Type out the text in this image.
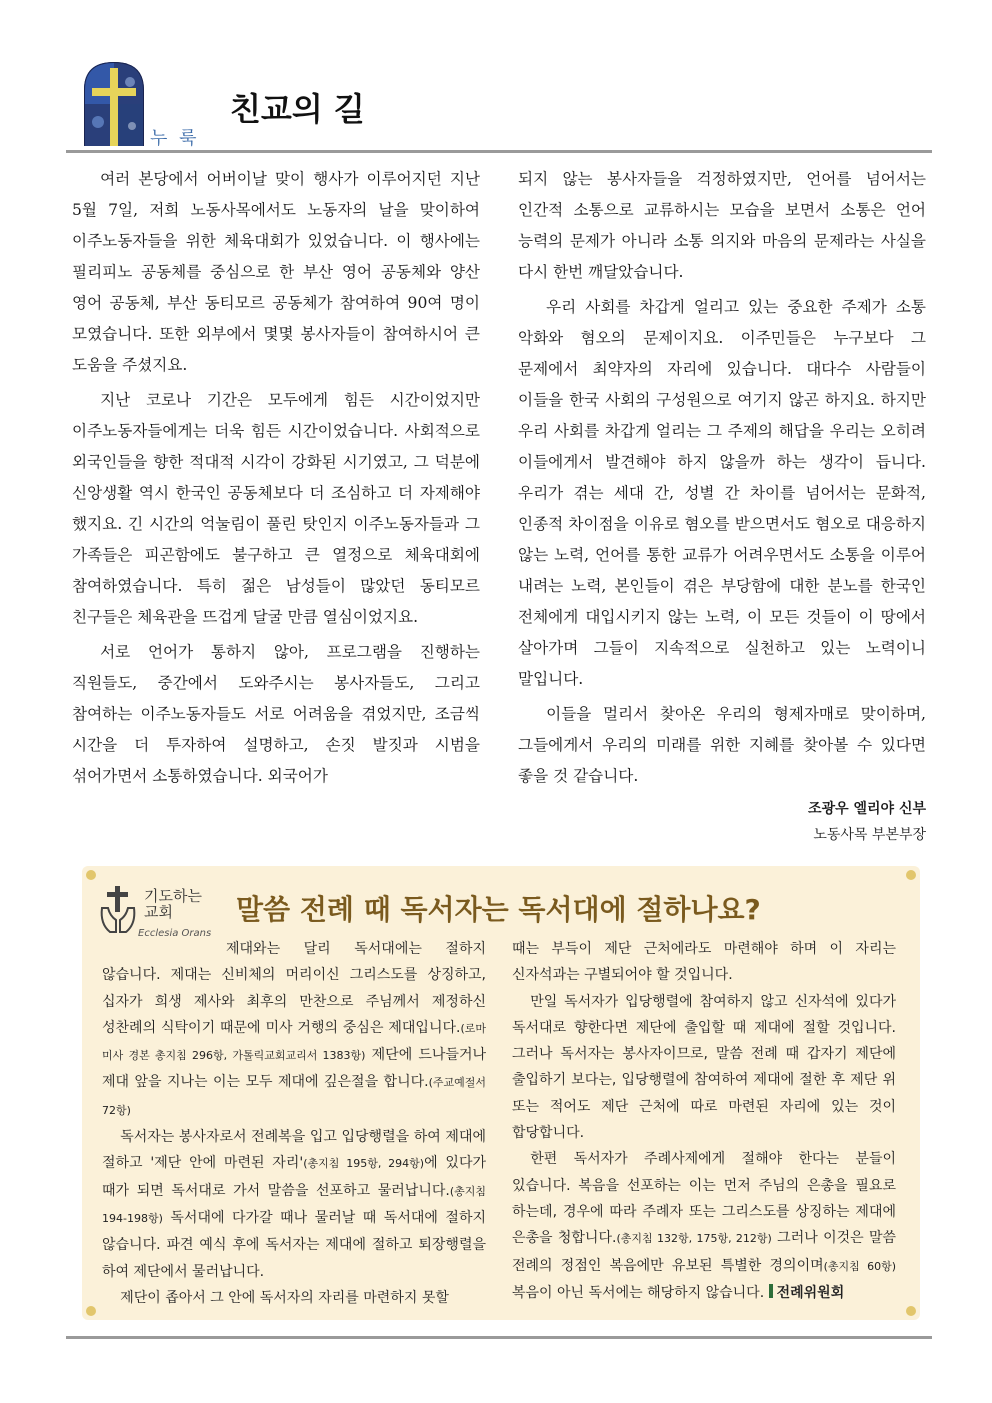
누 룩
친교의 길

여러 본당에서 어버이날 맞이 행사가 이루어지던 지난 5월 7일, 저희 노동사목에서도 노동자의 날을 맞이하여 이주노동자들을 위한 체육대회가 있었습니다. 이 행사에는 필리피노 공동체를 중심으로 한 부산 영어 공동체와 양산 영어 공동체, 부산 동티모르 공동체가 참여하여 90여 명이 모였습니다. 또한 외부에서 몇몇 봉사자들이 참여하시어 큰 도움을 주셨지요.

지난 코로나 기간은 모두에게 힘든 시간이었지만 이주노동자들에게는 더욱 힘든 시간이었습니다. 사회적으로 외국인들을 향한 적대적 시각이 강화된 시기였고, 그 덕분에 신앙생활 역시 한국인 공동체보다 더 조심하고 더 자제해야 했지요. 긴 시간의 억눌림이 풀린 탓인지 이주노동자들과 그 가족들은 피곤함에도 불구하고 큰 열정으로 체육대회에 참여하였습니다. 특히 젊은 남성들이 많았던 동티모르 친구들은 체육관을 뜨겁게 달굴 만큼 열심이었지요.

서로 언어가 통하지 않아, 프로그램을 진행하는 직원들도, 중간에서 도와주시는 봉사자들도, 그리고 참여하는 이주노동자들도 서로 어려움을 겪었지만, 조금씩 시간을 더 투자하여 설명하고, 손짓 발짓과 시범을 섞어가면서 소통하였습니다. 외국어가

되지 않는 봉사자들을 걱정하였지만, 언어를 넘어서는 인간적 소통으로 교류하시는 모습을 보면서 소통은 언어 능력의 문제가 아니라 소통 의지와 마음의 문제라는 사실을 다시 한번 깨달았습니다.

우리 사회를 차갑게 얼리고 있는 중요한 주제가 소통 악화와 혐오의 문제이지요. 이주민들은 누구보다 그 문제에서 최약자의 자리에 있습니다. 대다수 사람들이 이들을 한국 사회의 구성원으로 여기지 않곤 하지요. 하지만 우리 사회를 차갑게 얼리는 그 주제의 해답을 우리는 오히려 이들에게서 발견해야 하지 않을까 하는 생각이 듭니다. 우리가 겪는 세대 간, 성별 간 차이를 넘어서는 문화적, 인종적 차이점을 이유로 혐오를 받으면서도 혐오로 대응하지 않는 노력, 언어를 통한 교류가 어려우면서도 소통을 이루어 내려는 노력, 본인들이 겪은 부당함에 대한 분노를 한국인 전체에게 대입시키지 않는 노력, 이 모든 것들이 이 땅에서 살아가며 그들이 지속적으로 실천하고 있는 노력이니 말입니다.

이들을 멀리서 찾아온 우리의 형제자매로 맞이하며, 그들에게서 우리의 미래를 위한 지혜를 찾아볼 수 있다면 좋을 것 같습니다.

조광우 엘리야 신부
노동사목 부본부장
기도하는
교회
Ecclesia Orans
말씀 전례 때 독서자는 독서대에 절하나요?

제대와는 달리 독서대에는 절하지 않습니다. 제대는 신비체의 머리이신 그리스도를 상징하고, 십자가 희생 제사와 최후의 만찬으로 주님께서 제정하신 성찬례의 식탁이기 때문에 미사 거행의 중심은 제대입니다.(로마 미사 경본 총지침 296항, 가톨릭교회교리서 1383항) 제단에 드나들거나 제대 앞을 지나는 이는 모두 제대에 깊은절을 합니다.(주교예절서 72항)

독서자는 봉사자로서 전례복을 입고 입당행렬을 하여 제대에 절하고 '제단 안에 마련된 자리'(총지침 195항, 294항)에 있다가 때가 되면 독서대로 가서 말씀을 선포하고 물러납니다.(총지침 194-198항) 독서대에 다가갈 때나 물러날 때 독서대에 절하지 않습니다. 파견 예식 후에 독서자는 제대에 절하고 퇴장행렬을 하여 제단에서 물러납니다.

제단이 좁아서 그 안에 독서자의 자리를 마련하지 못할

때는 부득이 제단 근처에라도 마련해야 하며 이 자리는 신자석과는 구별되어야 할 것입니다.

만일 독서자가 입당행렬에 참여하지 않고 신자석에 있다가 독서대로 향한다면 제단에 출입할 때 제대에 절할 것입니다. 그러나 독서자는 봉사자이므로, 말씀 전례 때 갑자기 제단에 출입하기 보다는, 입당행렬에 참여하여 제대에 절한 후 제단 위 또는 적어도 제단 근처에 따로 마련된 자리에 있는 것이 합당합니다.

한편 독서자가 주례사제에게 절해야 한다는 분들이 있습니다. 복음을 선포하는 이는 먼저 주님의 은총을 필요로 하는데, 경우에 따라 주례자 또는 그리스도를 상징하는 제대에 은총을 청합니다.(총지침 132항, 175항, 212항) 그러나 이것은 말씀 전례의 정점인 복음에만 유보된 특별한 경의이며(총지침 60항) 복음이 아닌 독서에는 해당하지 않습니다. 전례위원회
